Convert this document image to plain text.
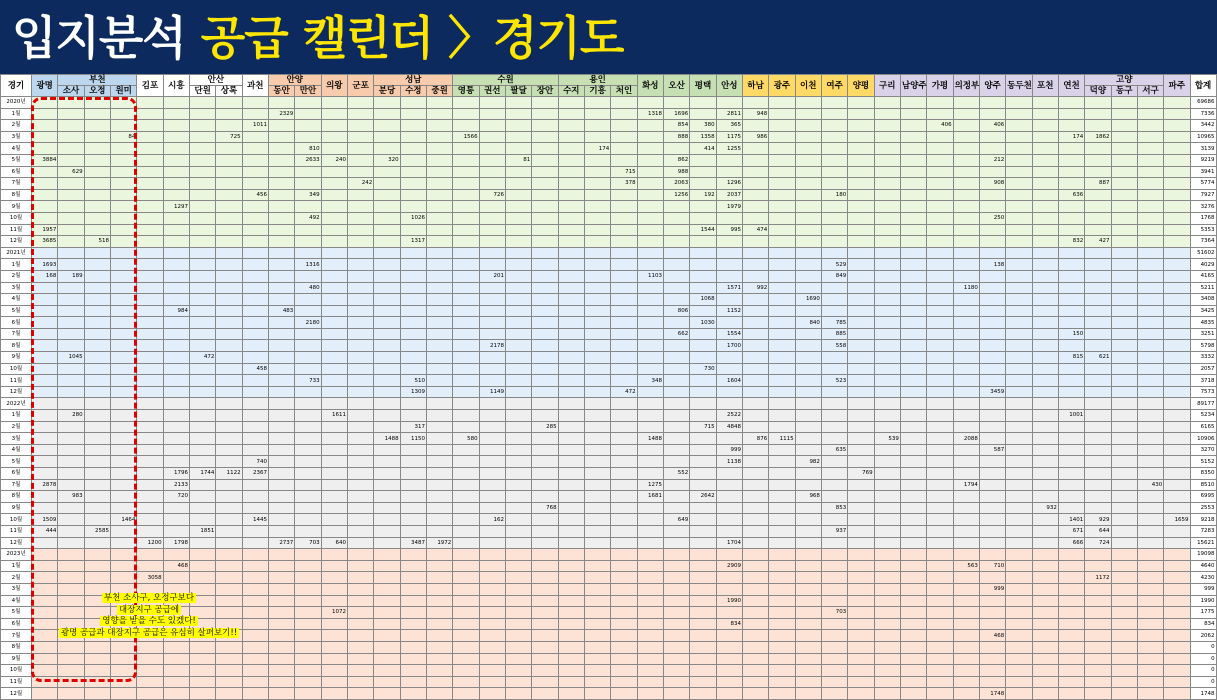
입지분석 공급 캘린더 〉경기도
경기	광명	부천			김포	시흥	안산		과천	안양		의왕	군포	성남			수원				용인			화성	오산	평택	안성	하남	광주	이천	여주	양평	구리	남양주	가평	의정부	양주	동두천	포천	연천	고양			파주	합계
		소사	오정	원미			단원	상록		동안	만안			분당	수정	중원	영통	권선	팔달	장안	수지	기흥	처인																		덕양	동구	서구		
2020년																																													69686
1월										2329														1318	1696		2811	948																	7336
2월									1011																854	380	365								406		406								3442
3월				84				725									1566								888	1358	1175	986												174	1862				10965
4월											810											174				414	1255																		3139
5월	3884										2633	240		320					81						862												212								9219
6월		629																					715		988																				3941
7월													242										378		2063		1296										908				887				5774
8월									456		349							726							1256	192	2037				180									636					7927
9월						1297																					1979																		3276
10월											492				1026																						250								1768
11월	1957																									1544	995	474																	5353
12월	3685		518												1317																									832	427				7364
2021년																																													51602
1월	1693										1316																				529						138								4029
2월	168	189																201						1103							849														4165
3월											480																1571	992								1180									5211
4월																										1068				1690															3408
5월						984				483															806		1152																		3425
6월											2180															1030				840	785														4835
7월																									662		1554				885									150					3251
8월																		2178									1700				558														5798
9월		1045					472																																	815	621				3332
10월									458																	730																			2057
11월											733				510									348			1604				523														3718
12월															1309			1149					472														3459								7573
2022년																																													89177
1월		280										1611															2522													1001					5234
2월															317					285						715	4848																		6165
3월														1488	1150		580							1488				876	1115				539			2088									10906
4월																											999				635						587								3270
5월									740																		1138			982															5152
6월						1796	1744	1122	2367																552							769													8350
7월	2878					2133																		1275												1794							430		8510
8월		983				720																		1681		2642				968															6995
9월																				768											853								932						2553
10월	1509			1464					1445									162							649															1401	929			1659	9218
11월	444		2585				1851																								937									671	644				7283
12월					1200	1798				2737	703	640			3487	1972											1704													666	724				15621
2023년																																													19098
1월						468																					2909									563	710								4640
2월					3058																																				1172				4230
3월																																					999								999
4월																											1990																		1990
5월												1072																			703														1775
6월																											834																		834
7월																																					468								2062
8월																																													0
9월																																													0
10월																																													0
11월																																													0
12월																																					1748								1748
부천 소사구, 오정구보다
대장지구 공급에
영향을 받을 수도 있겠다!
광명 공급과 대장지구 공급은 유심히 살펴보기!!
